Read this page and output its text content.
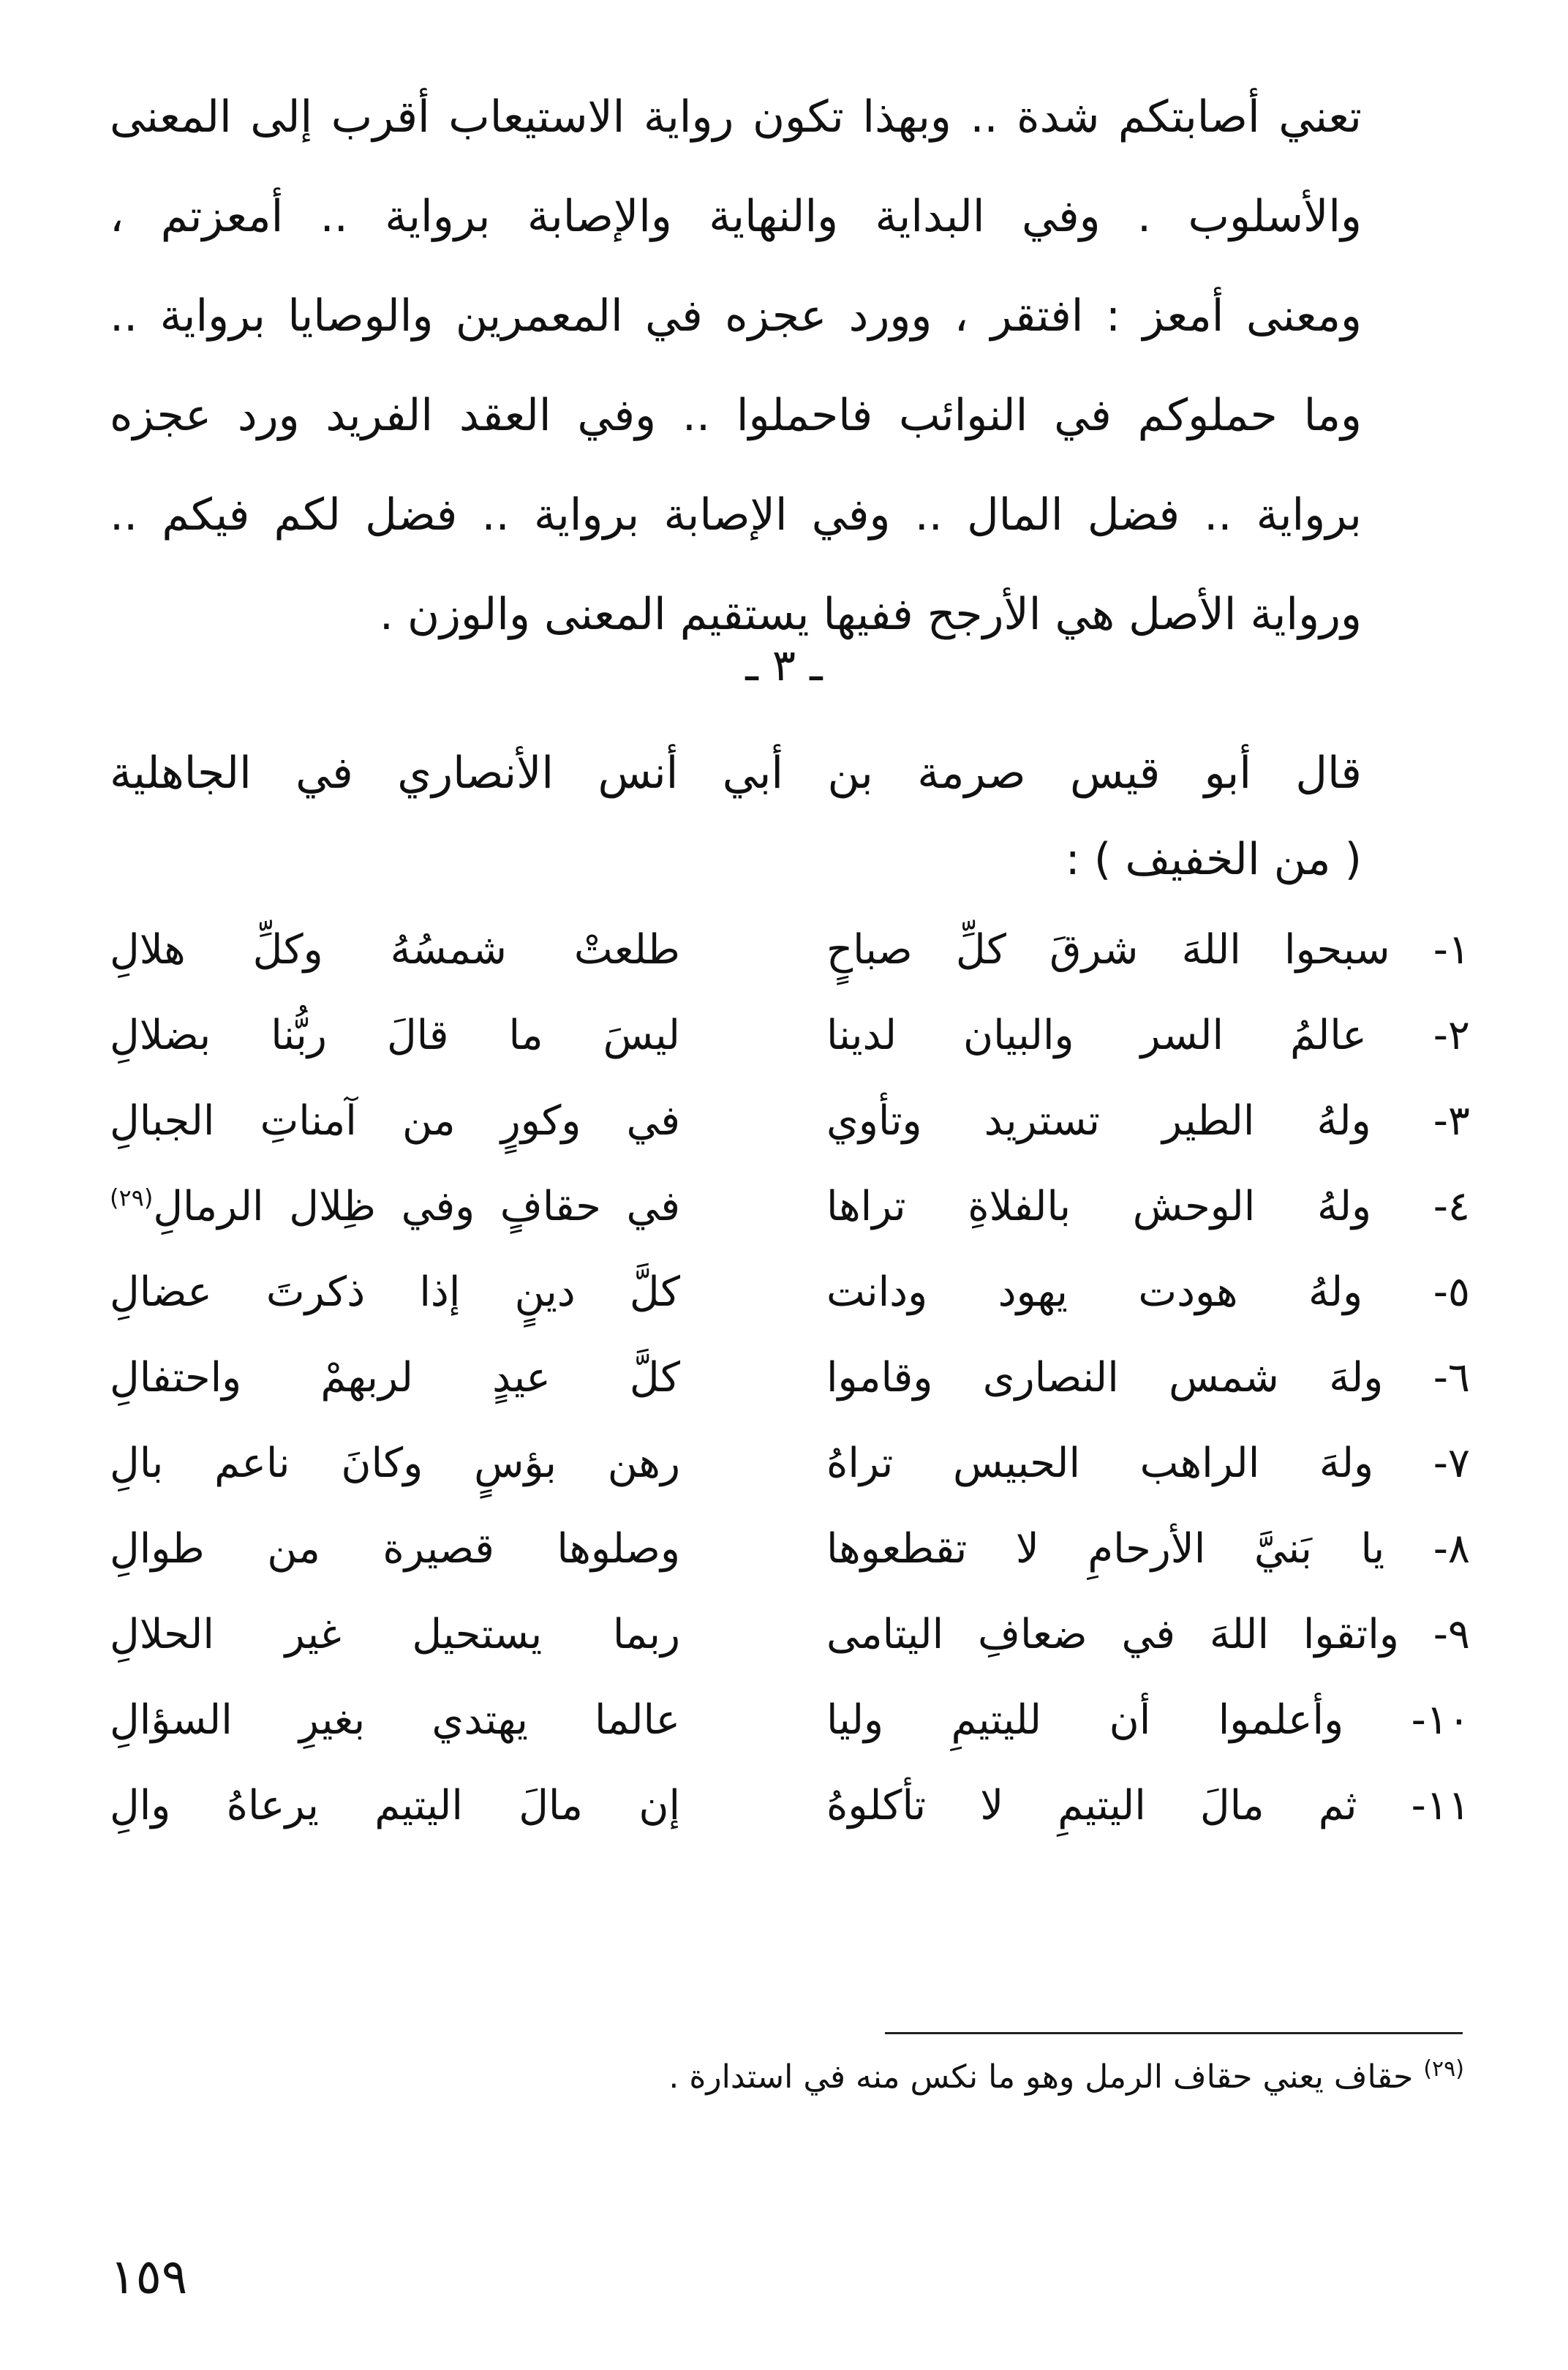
تعني أصابتكم شدة .. وبهذا تكون رواية الاستيعاب أقرب إلى المعنى
والأسلوب . وفي البداية والنهاية والإصابة برواية .. أمعزتم ،
ومعنى أمعز : افتقر ، وورد عجزه في المعمرين والوصايا برواية ..
وما حملوكم في النوائب فاحملوا .. وفي العقد الفريد ورد عجزه
برواية .. فضل المال .. وفي الإصابة برواية .. فضل لكم فيكم ..
ورواية الأصل هي الأرجح ففيها يستقيم المعنى والوزن .
ـ ٣ ـ
قال أبو قيس صرمة بن أبي أنس الأنصاري في الجاهلية
( من الخفيف ) :
١- سبحوا اللهَ شرقَ كلِّ صباحٍ
طلعتْ شمسُهُ وكلِّ هلالِ
٢- عالمُ السر والبيان لدينا
ليسَ ما قالَ ربُّنا بضلالِ
٣- ولهُ الطير تستريد وتأوي
في وكورٍ من آمناتِ الجبالِ
٤- ولهُ الوحش بالفلاةِ تراها
في حقافٍ وفي ظِلال الرمالِ$^{(٢٩)}$
٥- ولهُ هودت يهود ودانت
كلَّ دينٍ إذا ذكرتَ عضالِ
٦- ولهَ شمس النصارى وقاموا
كلَّ عيدٍ لربهمْ واحتفالِ
٧- ولهَ الراهب الحبيس تراهُ
رهن بؤسٍ وكانَ ناعم بالِ
٨- يا بَنيَّ الأرحامِ لا تقطعوها
وصلوها قصيرة من طوالِ
٩- واتقوا اللهَ في ضعافِ اليتامى
ربما يستحيل غير الحلالِ
١٠- وأعلموا أن لليتيمِ وليا
عالما يهتدي بغيرِ السؤالِ
١١- ثم مالَ اليتيمِ لا تأكلوهُ
إن مالَ اليتيم يرعاهُ والِ
$^{(٢٩)}$حقاف يعني حقاف الرمل وهو ما نكس منه في استدارة .
١٥٩
